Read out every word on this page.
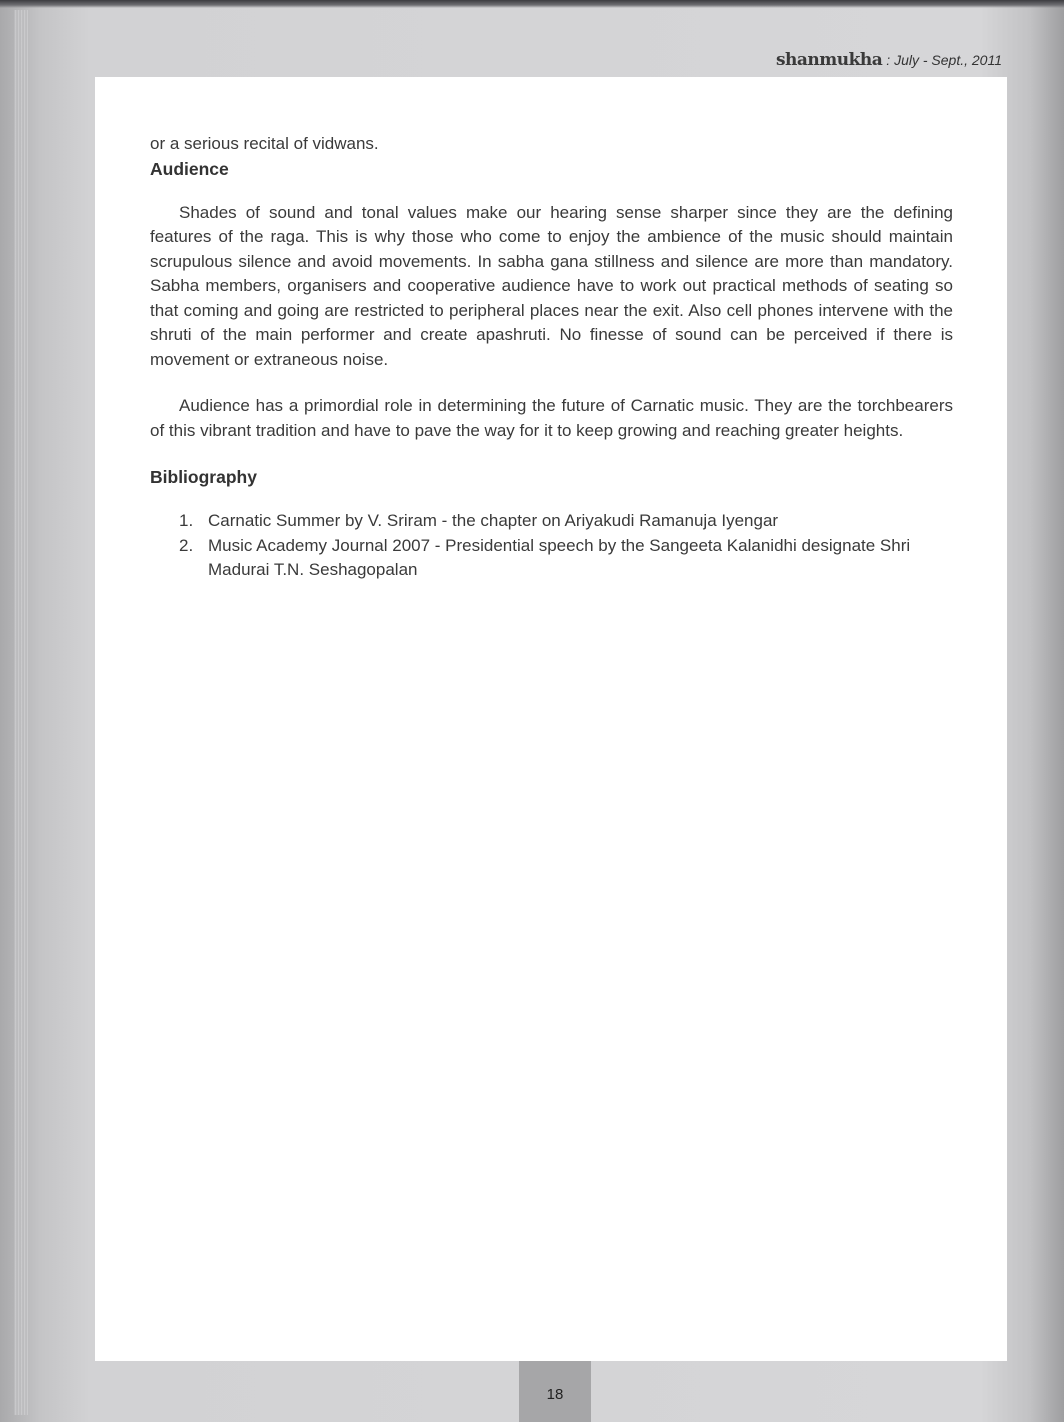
shanmukha : July - Sept., 2011

or a serious recital of vidwans.

Audience

Shades of sound and tonal values make our hearing sense sharper since they are the defining features of the raga. This is why those who come to enjoy the ambience of the music should maintain scrupulous silence and avoid movements. In sabha gana stillness and silence are more than mandatory. Sabha members, organisers and cooperative audience have to work out practical methods of seating so that coming and going are restricted to peripheral places near the exit. Also cell phones intervene with the shruti of the main performer and create apashruti. No finesse of sound can be perceived if there is movement or extraneous noise.

Audience has a primordial role in determining the future of Carnatic music. They are the torchbearers of this vibrant tradition and have to pave the way for it to keep growing and reaching greater heights.

Bibliography
1. Carnatic Summer by V. Sriram - the chapter on Ariyakudi Ramanuja Iyengar
2. Music Academy Journal 2007 - Presidential speech by the Sangeeta Kalanidhi designate Shri Madurai T.N. Seshagopalan
18
